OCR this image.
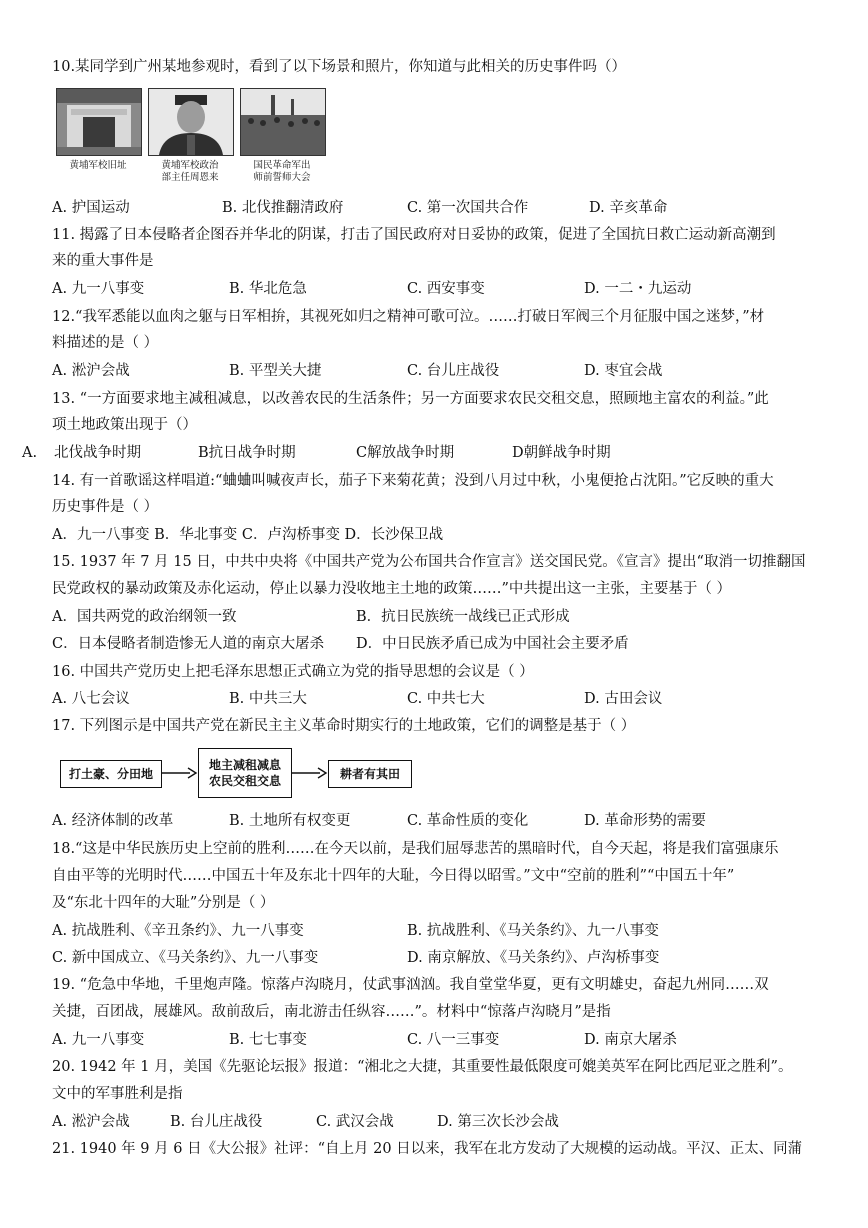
10.某同学到广州某地参观时，看到了以下场景和照片，你知道与此相关的历史事件吗（）
黄埔军校旧址	黄埔军校政治
部主任周恩来
国民革命军出
师前誓师大会
A. 护国运动	B. 北伐推翻清政府	C. 第一次国共合作	D. 辛亥革命
11. 揭露了日本侵略者企图吞并华北的阴谋，打击了国民政府对日妥协的政策，促进了全国抗日救亡运动新高潮到
来的重大事件是
A. 九一八事变	B. 华北危急	C. 西安事变	D. 一二・九运动
12.“我军悉能以血肉之躯与日军相拚，其视死如归之精神可歌可泣。……打破日军阀三个月征服中国之迷梦，”材
料描述的是（ ）
A. 淞沪会战	B. 平型关大捷	C. 台儿庄战役	D. 枣宜会战
13. “一方面要求地主减租减息，以改善农民的生活条件；另一方面要求农民交租交息，照顾地主富农的利益。”此
项土地政策出现于（）
A. 北伐战争时期	B抗日战争时期	C解放战争时期	D朝鲜战争时期
14. 有一首歌谣这样唱道:“蛐蛐叫喊夜声长，茄子下来菊花黄；没到八月过中秋，小鬼便抢占沈阳。”它反映的重大
历史事件是（ ）
A．九一八事变 B．华北事变 C．卢沟桥事变 D．长沙保卫战
15. 1937 年 7 月 15 日，中共中央将《中国共产党为公布国共合作宣言》送交国民党。《宣言》提出“取消一切推翻国
民党政权的暴动政策及赤化运动，停止以暴力没收地主土地的政策……”中共提出这一主张，主要基于（ ）
A．国共两党的政治纲领一致	B．抗日民族统一战线已正式形成
C．日本侵略者制造惨无人道的南京大屠杀 D．中日民族矛盾已成为中国社会主要矛盾
16. 中国共产党历史上把毛泽东思想正式确立为党的指导思想的会议是（ ）
A. 八七会议	B. 中共三大	C. 中共七大	D. 古田会议
17. 下列图示是中国共产党在新民主主义革命时期实行的土地政策，它们的调整是基于（ ）
打土豪、分田地
地主减租减息
农民交租交息	耕者有其田
A. 经济体制的改革	B. 土地所有权变更	C. 革命性质的变化	D. 革命形势的需要
18.“这是中华民族历史上空前的胜利……在今天以前，是我们屈辱悲苦的黑暗时代，自今天起，将是我们富强康乐
自由平等的光明时代……中国五十年及东北十四年的大耻，今日得以昭雪。”文中“空前的胜利”“中国五十年”
及“东北十四年的大耻”分别是（ ）
A. 抗战胜利、《辛丑条约》、九一八事变	B. 抗战胜利、《马关条约》、九一八事变
C. 新中国成立、《马关条约》、九一八事变	D. 南京解放、《马关条约》、卢沟桥事变
19. “危急中华地，千里炮声隆。惊落卢沟晓月，仗武事汹汹。我自堂堂华夏，更有文明雄史，奋起九州同……双
关捷，百团战，展雄风。敌前敌后，南北游击任纵容……”。材料中“惊落卢沟晓月”是指
A. 九一八事变	B. 七七事变	C. 八一三事变	D. 南京大屠杀
20. 1942 年 1 月，美国《先驱论坛报》报道：“湘北之大捷，其重要性最低限度可媲美英军在阿比西尼亚之胜利”。
文中的军事胜利是指
A. 淞沪会战	B. 台儿庄战役	C. 武汉会战	D. 第三次长沙会战
21. 1940 年 9 月 6 日《大公报》社评：“自上月 20 日以来，我军在北方发动了大规模的运动战。平汉、正太、同蒲
